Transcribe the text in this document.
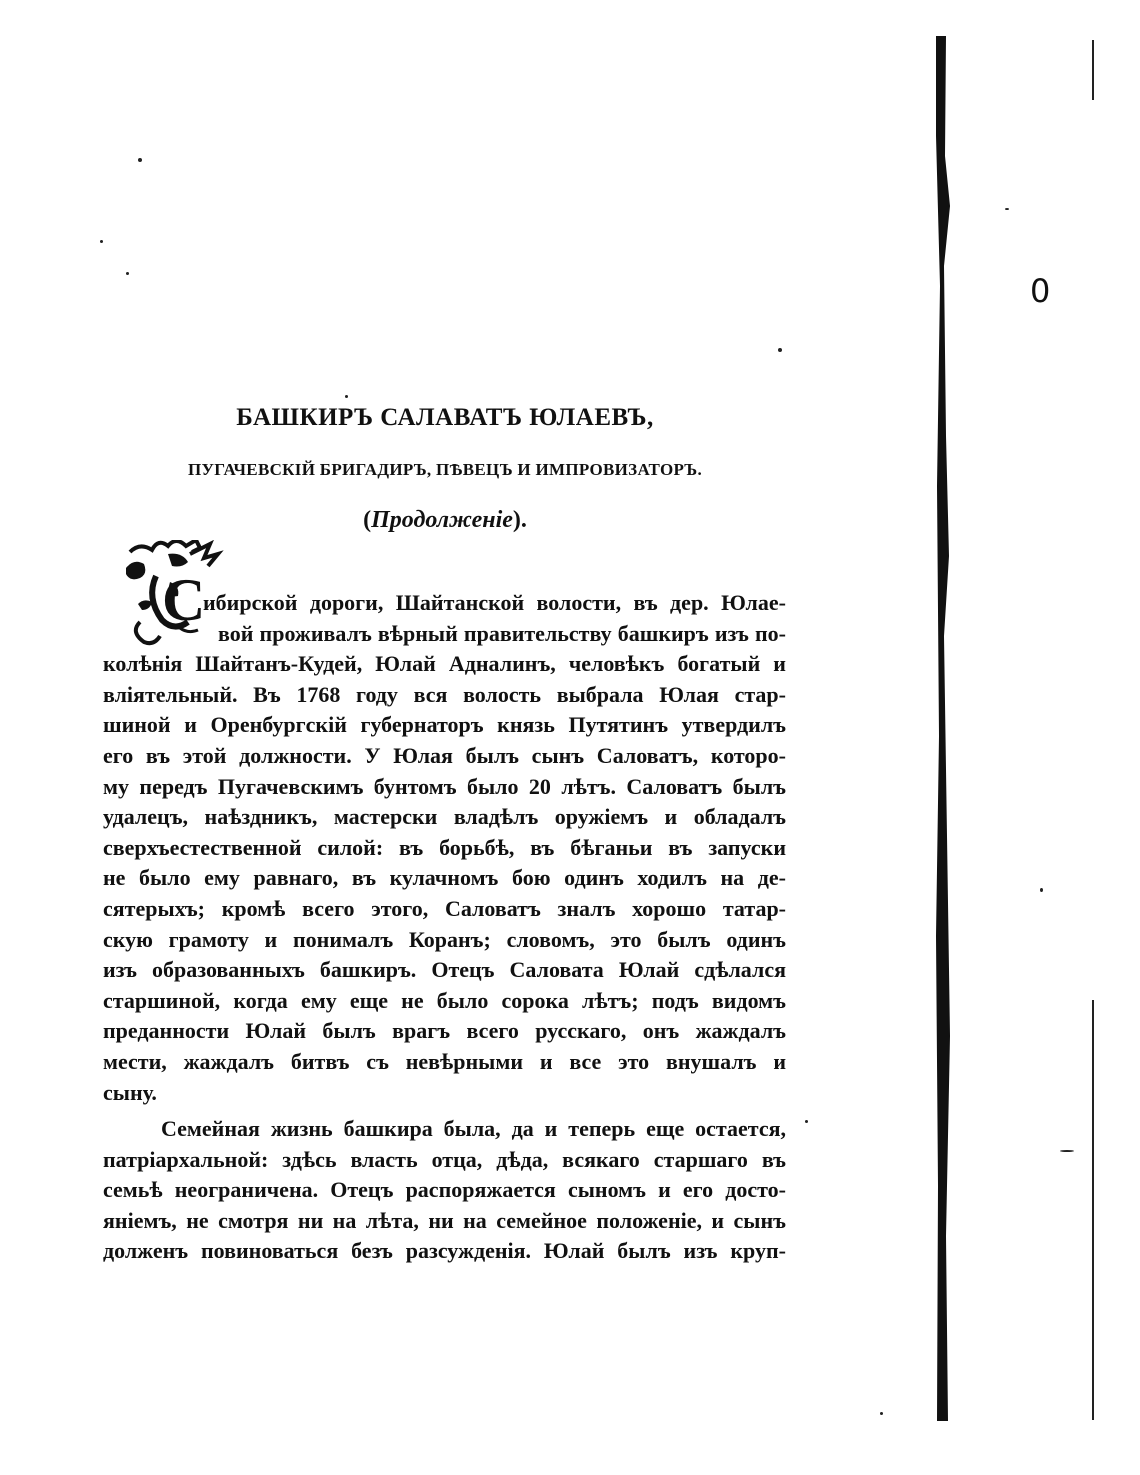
БАШКИРЪ САЛАВАТЪ ЮЛАЕВЪ,
ПУГАЧЕВСКІЙ БРИГАДИРЪ, ПѢВЕЦЪ И ИМПРОВИЗАТОРЪ.
(Продолженіе).
С
ибирской дороги, Шайтанской волости, въ дер. Юлае-
вой проживалъ вѣрный правительству башкиръ изъ по-
колѣнія Шайтанъ-Кудей, Юлай Адналинъ, человѣкъ богатый и
вліятельный. Въ 1768 году вся волость выбрала Юлая стар-
шиной и Оренбургскій губернаторъ князь Путятинъ утвердилъ
его въ этой должности. У Юлая былъ сынъ Саловатъ, которо-
му передъ Пугачевскимъ бунтомъ было 20 лѣтъ. Саловатъ былъ
удалецъ, наѣздникъ, мастерски владѣлъ оружіемъ и обладалъ
сверхъестественной силой: въ борьбѣ, въ бѣганьи въ запуски
не было ему равнаго, въ кулачномъ бою одинъ ходилъ на де-
сятерыхъ; кромѣ всего этого, Саловатъ зналъ хорошо татар-
скую грамоту и понималъ Коранъ; словомъ, это былъ одинъ
изъ образованныхъ башкиръ. Отецъ Саловата Юлай сдѣлался
старшиной, когда ему еще не было сорока лѣтъ; подъ видомъ
преданности Юлай былъ врагъ всего русскаго, онъ жаждалъ
мести, жаждалъ битвъ съ невѣрными и все это внушалъ и
сыну.
Семейная жизнь башкира была, да и теперь еще остается,
патріархальной: здѣсь власть отца, дѣда, всякаго старшаго въ
семьѣ неограничена. Отецъ распоряжается сыномъ и его досто-
яніемъ, не смотря ни на лѣта, ни на семейное положеніе, и сынъ
долженъ повиноваться безъ разсужденія. Юлай былъ изъ круп-
0
